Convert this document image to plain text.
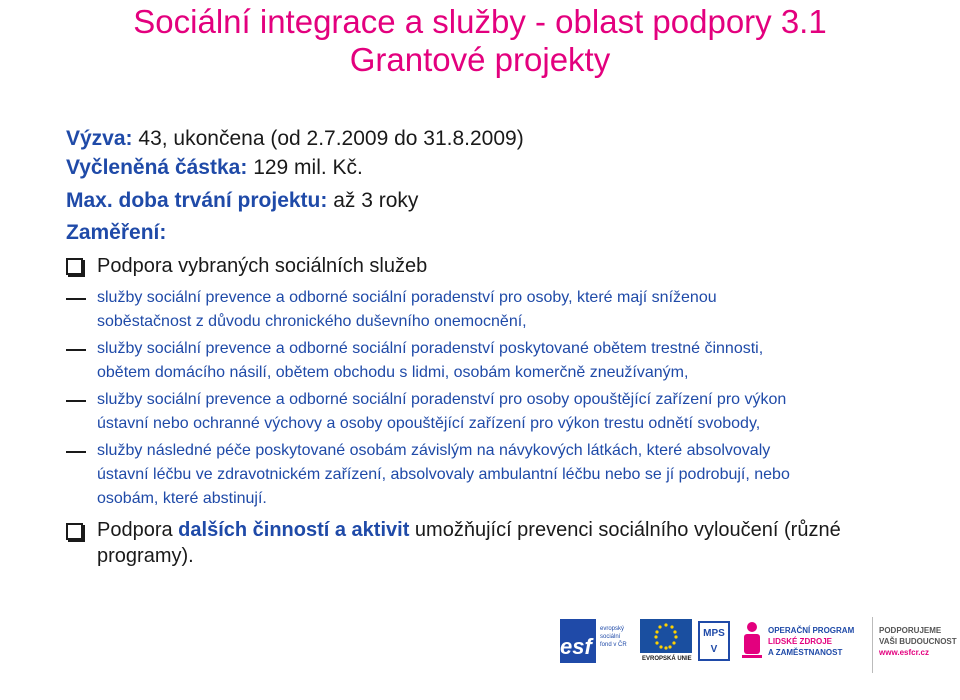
Sociální integrace a služby - oblast podpory 3.1
Grantové projekty
Výzva: 43, ukončena (od 2.7.2009 do 31.8.2009)
Vyčleněná částka: 129 mil. Kč.
Max. doba trvání projektu: až 3 roky
Zaměření:
Podpora vybraných sociálních služeb
služby sociální prevence a odborné sociální poradenství pro osoby, které mají sníženou
soběstačnost z důvodu chronického duševního onemocnění,
služby sociální prevence a odborné sociální poradenství poskytované obětem trestné činnosti,
obětem domácího násilí, obětem obchodu s lidmi, osobám komerčně zneužívaným,
služby sociální prevence a odborné sociální poradenství pro osoby opouštějící zařízení pro výkon
ústavní nebo ochranné výchovy a osoby opouštějící zařízení pro výkon trestu odnětí svobody,
služby následné péče poskytované osobám závislým na návykových látkách, které absolvovaly
ústavní léčbu ve zdravotnickém zařízení, absolvovaly ambulantní léčbu nebo se jí podrobují, nebo
osobám, které abstinují.
Podpora dalších činností a aktivit umožňující prevenci sociálního vyloučení (různé
programy).
esf
evropský
sociální
fond v ČR
EVROPSKÁ UNIE
MPSV
OPERAČNÍ PROGRAM
LIDSKÉ ZDROJE
A ZAMĚSTNANOST
PODPORUJEME
VAŠI BUDOUCNOST
www.esfcr.cz
